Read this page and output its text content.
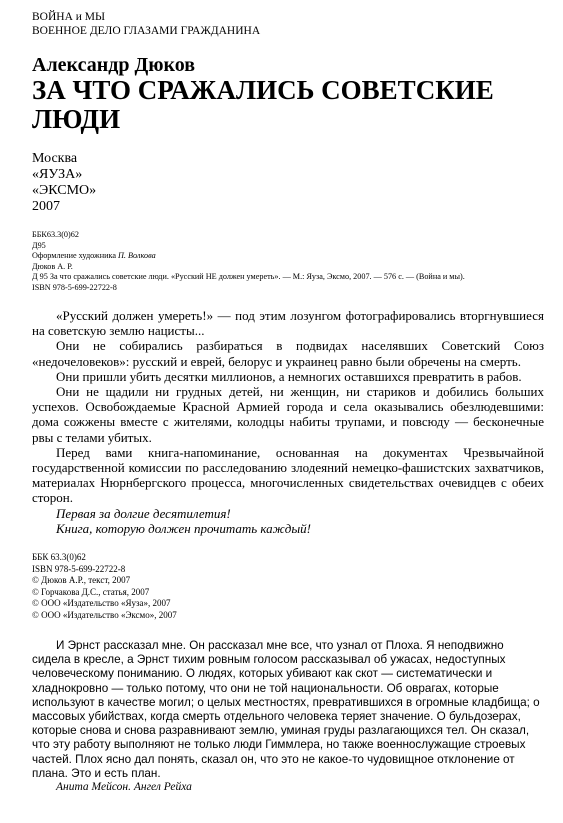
ВОЙНА и МЫ
ВОЕННОЕ ДЕЛО ГЛАЗАМИ ГРАЖДАНИНА
Александр Дюков
ЗА ЧТО СРАЖАЛИСЬ СОВЕТСКИЕ
ЛЮДИ
Москва
«ЯУЗА»
«ЭКСМО»
2007
ББК63.3(0)62
Д95
Оформление художника П. Волкова
Дюков А. Р.
Д 95 За что сражались советские люди. «Русский НЕ должен умереть». — М.: Яуза, Эксмо, 2007. — 576 с. — (Война и мы).
ISBN 978-5-699-22722-8

«Русский должен умереть!» — под этим лозунгом фотографировались вторгнувшиеся на советскую землю нацисты...

Они не собирались разбираться в подвидах населявших Советский Союз «недочеловеков»: русский и еврей, белорус и украинец равно были обречены на смерть.

Они пришли убить десятки миллионов, а немногих оставшихся превратить в рабов.

Они не щадили ни грудных детей, ни женщин, ни стариков и добились больших успехов. Освобождаемые Красной Армией города и села оказывались обезлюдевшими: дома сожжены вместе с жителями, колодцы набиты трупами, и повсюду — бесконечные рвы с телами убитых.

Перед вами книга-напоминание, основанная на документах Чрезвычайной государственной комиссии по расследованию злодеяний немецко-фашистских захватчиков, материалах Нюрнбергского процесса, многочисленных свидетельствах очевидцев с обеих сторон.

Первая за долгие десятилетия!

Книга, которую должен прочитать каждый!

ББК 63.3(0)62
ISBN 978-5-699-22722-8
© Дюков А.Р., текст, 2007
© Горчакова Д.С., статья, 2007
© ООО «Издательство «Яуза», 2007
© ООО «Издательство «Эксмо», 2007

И Эрнст рассказал мне. Он рассказал мне все, что узнал от Плоха. Я неподвижно сидела в кресле, а Эрнст тихим ровным голосом рассказывал об ужасах, недоступных человеческому пониманию. О людях, которых убивают как скот — систематически и хладнокровно — только потому, что они не той национальности. Об оврагах, которые используют в качестве могил; о целых местностях, превратившихся в огромные кладбища; о массовых убийствах, когда смерть отдельного человека теряет значение. О бульдозерах, которые снова и снова разравнивают землю, уминая груды разлагающихся тел. Он сказал, что эту работу выполняют не только люди Гиммлера, но также военнослужащие строевых частей. Плох ясно дал понять, сказал он, что это не какое-то чудовищное отклонение от плана. Это и есть план.

Анита Мейсон. Ангел Рейха
